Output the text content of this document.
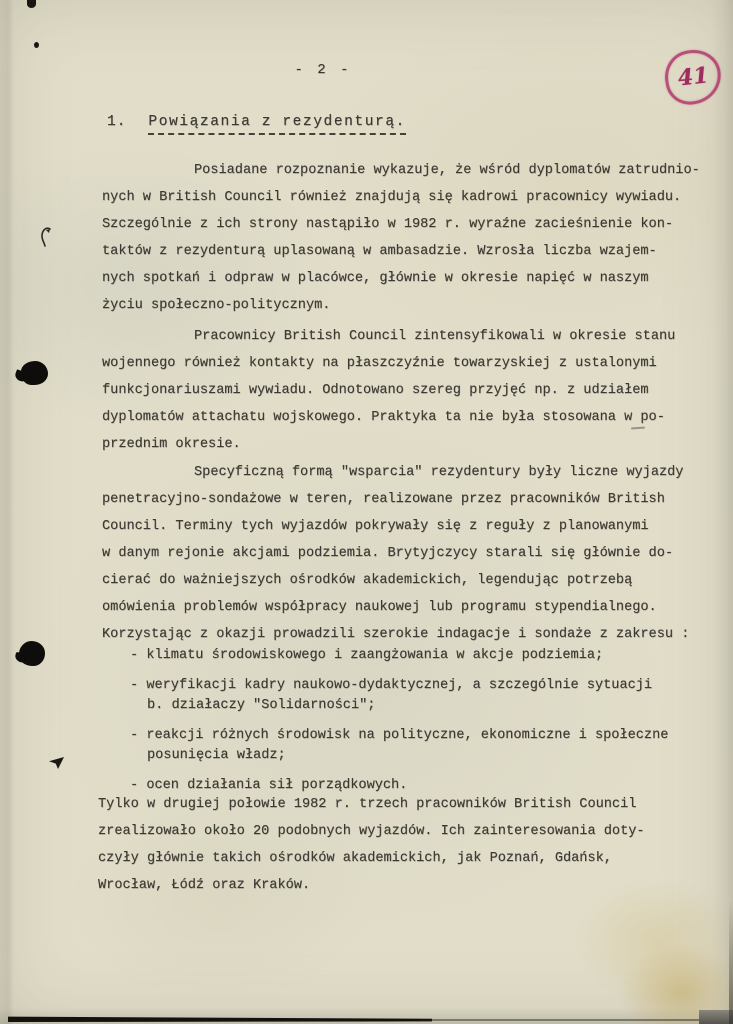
- 2 -	41
1. Powiązania z rezydenturą.
Posiadane rozpoznanie wykazuje, że wśród dyplomatów zatrudnio-
nych w British Council również znajdują się kadrowi pracownicy wywiadu.
Szczególnie z ich strony nastąpiło w 1982 r. wyraźne zacieśnienie kon-
taktów z rezydenturą uplasowaną w ambasadzie. Wzrosła liczba wzajem-
nych spotkań i odpraw w placówce, głównie w okresie napięć w naszym
życiu społeczno-politycznym.
Pracownicy British Council zintensyfikowali w okresie stanu
wojennego również kontakty na płaszczyźnie towarzyskiej z ustalonymi
funkcjonariuszami wywiadu. Odnotowano szereg przyjęć np. z udziałem
dyplomatów attachatu wojskowego. Praktyka ta nie była stosowana w po-
przednim okresie.
Specyficzną formą "wsparcia" rezydentury były liczne wyjazdy
penetracyjno-sondażowe w teren, realizowane przez pracowników British
Council. Terminy tych wyjazdów pokrywały się z reguły z planowanymi
w danym rejonie akcjami podziemia. Brytyjczycy starali się głównie do-
cierać do ważniejszych ośrodków akademickich, legendując potrzebą
omówienia problemów współpracy naukowej lub programu stypendialnego.
Korzystając z okazji prowadzili szerokie indagacje i sondaże z zakresu :
- klimatu środowiskowego i zaangżowania w akcje podziemia;
- weryfikacji kadry naukowo-dydaktycznej, a szczególnie sytuacji
b. działaczy "Solidarności";
- reakcji różnych środowisk na polityczne, ekonomiczne i społeczne
posunięcia władz;
- ocen działania sił porządkowych.
Tylko w drugiej połowie 1982 r. trzech pracowników British Council
zrealizowało około 20 podobnych wyjazdów. Ich zainteresowania doty-
czyły głównie takich ośrodków akademickich, jak Poznań, Gdańsk,
Wrocław, Łódź oraz Kraków.
